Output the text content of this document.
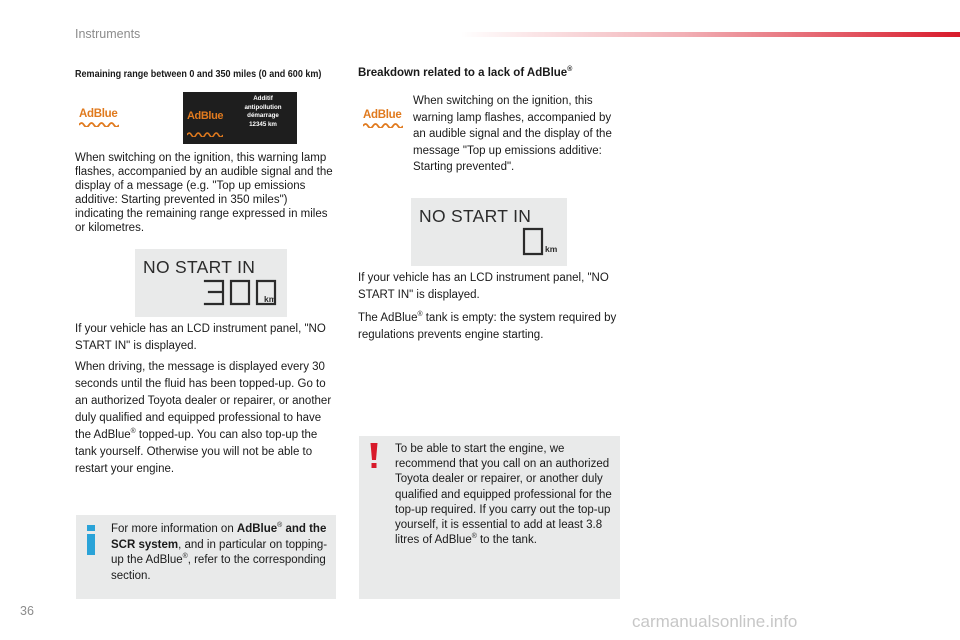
Instruments
Remaining range between 0 and 350 miles (0 and 600 km)
AdBlue	AdBlue
Additif
antipollution
démarrage
12345 km
When switching on the ignition, this warning lamp flashes, accompanied by an audible signal and the display of a message (e.g. "Top up emissions additive: Starting prevented in 350 miles") indicating the remaining range expressed in miles or kilometres.
NO START IN
km
If your vehicle has an LCD instrument panel, "NO START IN" is displayed.
When driving, the message is displayed every 30 seconds until the fluid has been topped-up. Go to an authorized Toyota dealer or repairer, or another duly qualified and equipped professional to have the AdBlue® topped-up. You can also top-up the tank yourself. Otherwise you will not be able to restart your engine.
For more information on AdBlue® and the SCR system, and in particular on topping-up the AdBlue®, refer to the corresponding section.
Breakdown related to a lack of AdBlue®
AdBlue
When switching on the ignition, this warning lamp flashes, accompanied by an audible signal and the display of the message "Top up emissions additive: Starting prevented".
NO START IN
km
If your vehicle has an LCD instrument panel, "NO START IN" is displayed.
The AdBlue® tank is empty: the system required by regulations prevents engine starting.
To be able to start the engine, we recommend that you call on an authorized Toyota dealer or repairer, or another duly qualified and equipped professional for the top-up required. If you carry out the top-up yourself, it is essential to add at least 3.8 litres of AdBlue® to the tank.
36
carmanualsonline.info
